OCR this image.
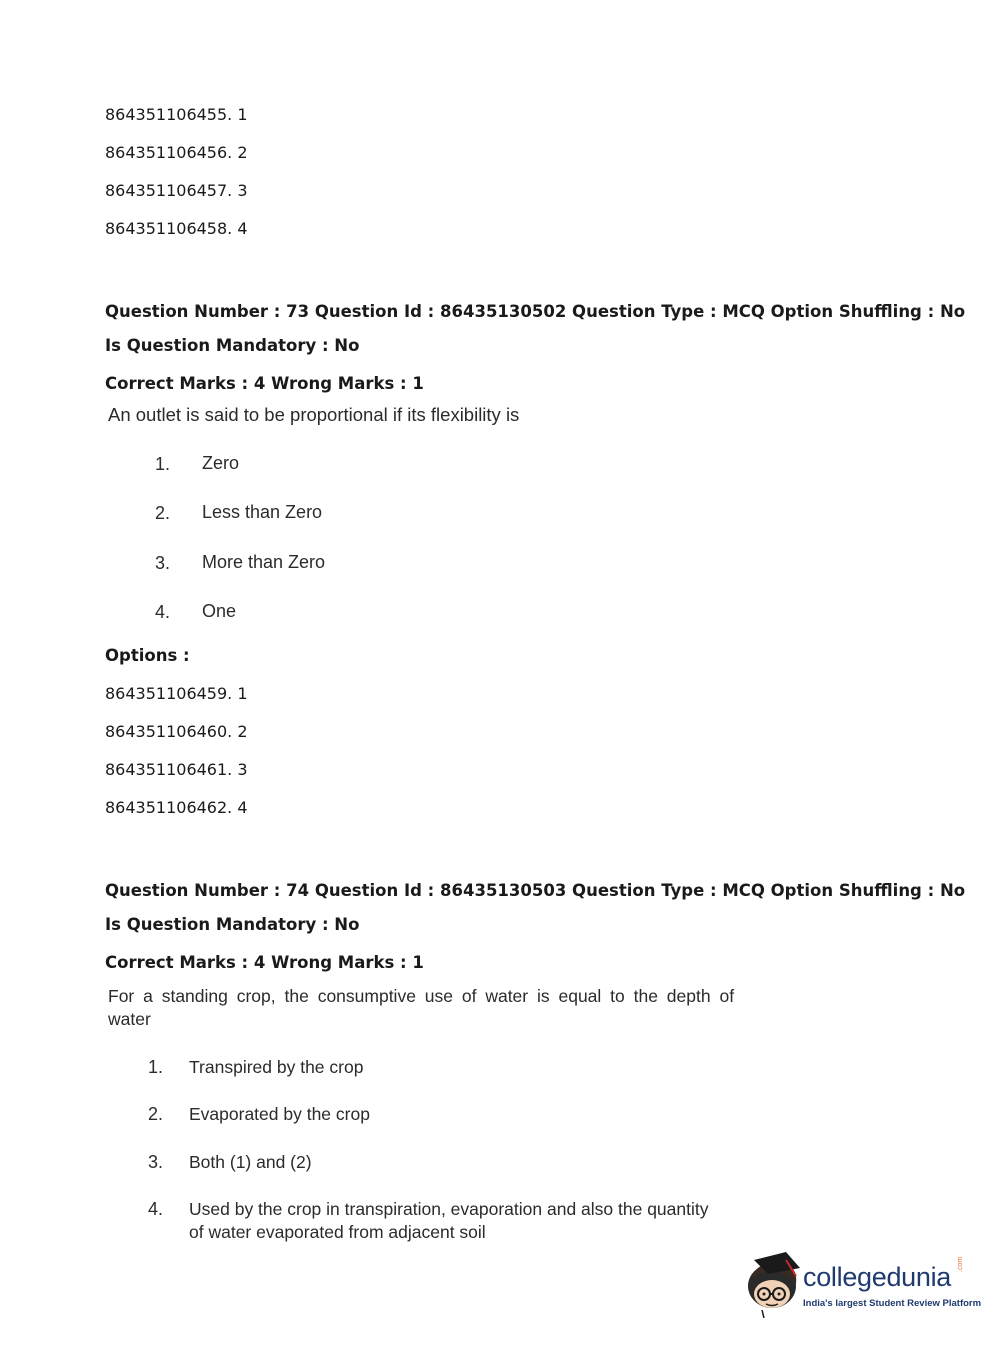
864351106455. 1
864351106456. 2
864351106457. 3
864351106458. 4
Question Number : 73 Question Id : 86435130502 Question Type : MCQ Option Shuffling : No
Is Question Mandatory : No
Correct Marks : 4 Wrong Marks : 1
An outlet is said to be proportional if its flexibility is
1. Zero
2. Less than Zero
3. More than Zero
4. One
Options :
864351106459. 1
864351106460. 2
864351106461. 3
864351106462. 4
Question Number : 74 Question Id : 86435130503 Question Type : MCQ Option Shuffling : No
Is Question Mandatory : No
Correct Marks : 4 Wrong Marks : 1
For a standing crop, the consumptive use of water is equal to the depth of
water
1. Transpired by the crop
2. Evaporated by the crop
3. Both (1) and (2)
4. Used by the crop in transpiration, evaporation and also the quantity
of water evaporated from adjacent soil
collegedunia
India's largest Student Review Platform
.com
